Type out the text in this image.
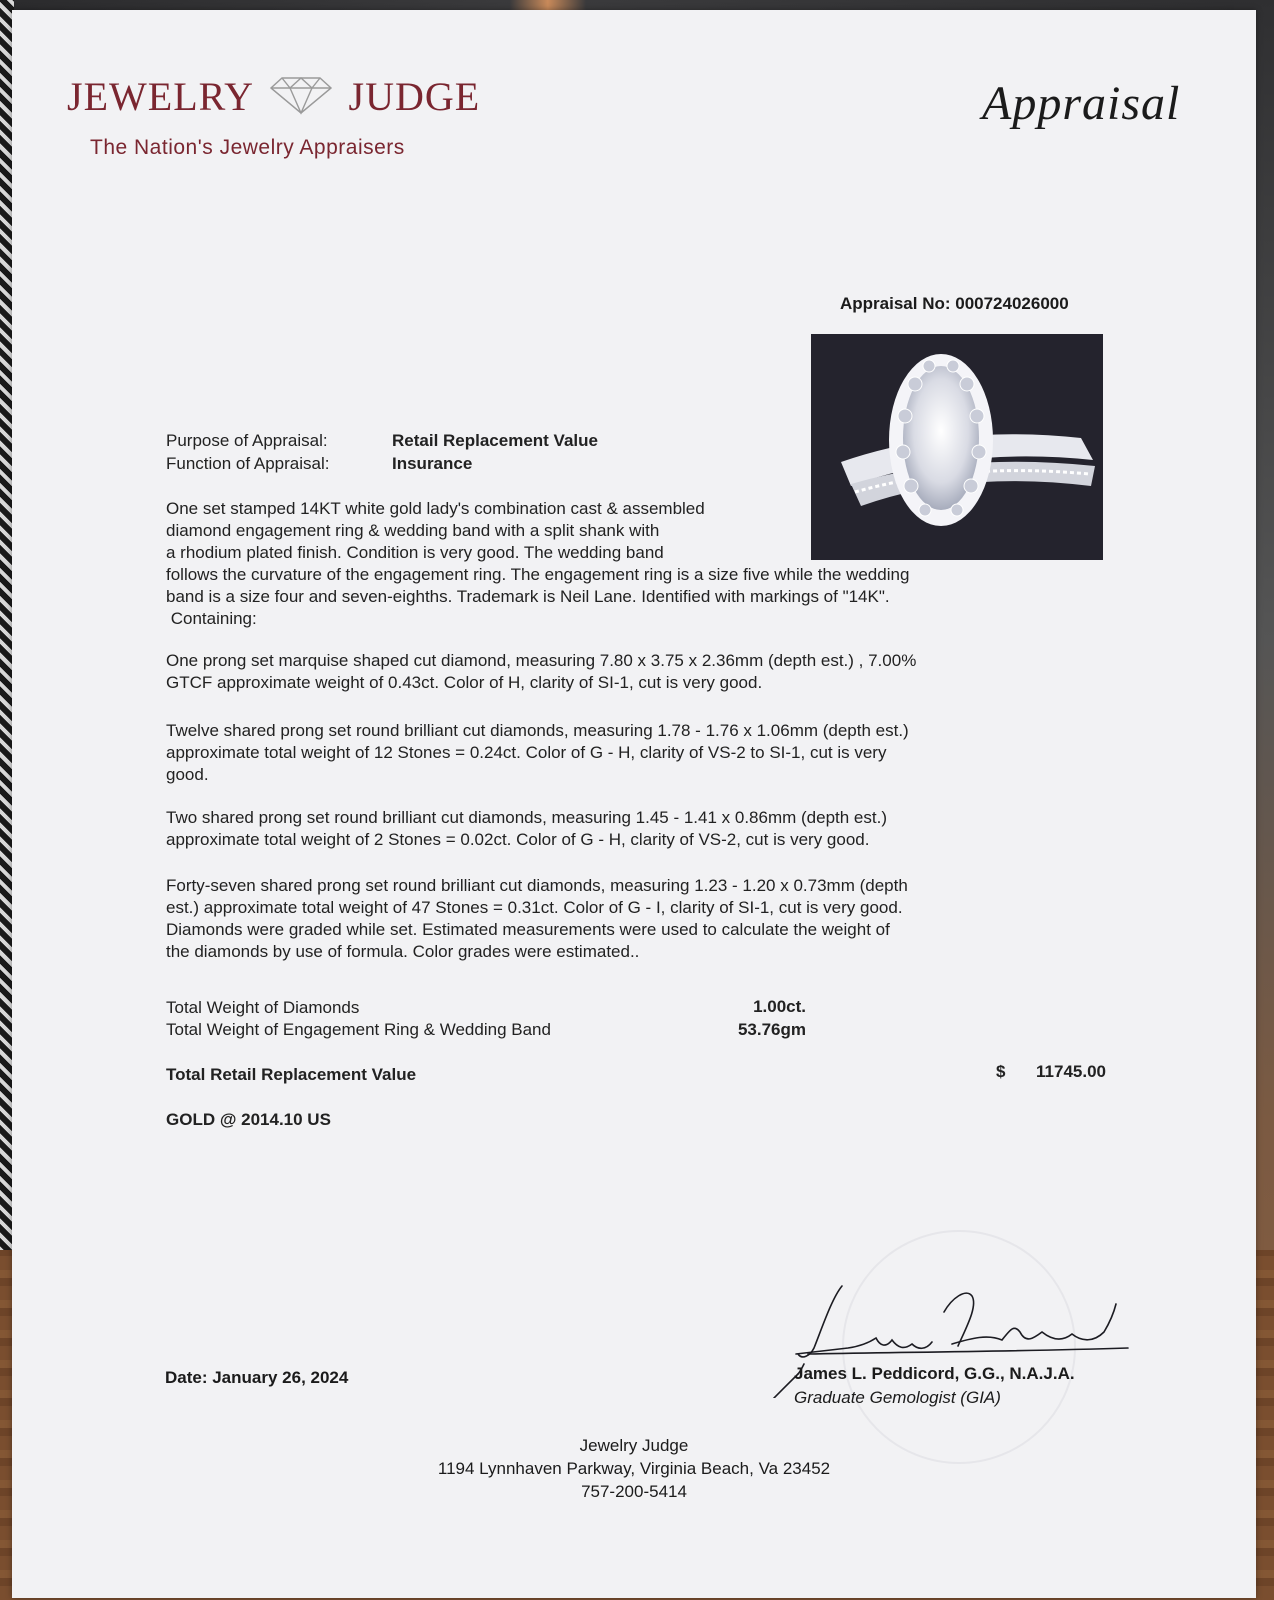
JEWELRY JUDGE
The Nation's Jewelry Appraisers
Appraisal
Appraisal No: 000724026000
Purpose of Appraisal:	Retail Replacement Value
Function of Appraisal:	Insurance
One set stamped 14KT white gold lady's combination cast & assembled
diamond engagement ring & wedding band with a split shank with
a rhodium plated finish. Condition is very good. The wedding band
follows the curvature of the engagement ring. The engagement ring is a size five while the wedding
band is a size four and seven-eighths. Trademark is Neil Lane. Identified with markings of "14K".
Containing:
One prong set marquise shaped cut diamond, measuring 7.80 x 3.75 x 2.36mm (depth est.) , 7.00%
GTCF approximate weight of 0.43ct. Color of H, clarity of SI-1, cut is very good.
Twelve shared prong set round brilliant cut diamonds, measuring 1.78 - 1.76 x 1.06mm (depth est.)
approximate total weight of 12 Stones = 0.24ct. Color of G - H, clarity of VS-2 to SI-1, cut is very
good.
Two shared prong set round brilliant cut diamonds, measuring 1.45 - 1.41 x 0.86mm (depth est.)
approximate total weight of 2 Stones = 0.02ct. Color of G - H, clarity of VS-2, cut is very good.
Forty-seven shared prong set round brilliant cut diamonds, measuring 1.23 - 1.20 x 0.73mm (depth
est.) approximate total weight of 47 Stones = 0.31ct. Color of G - I, clarity of SI-1, cut is very good.
Diamonds were graded while set. Estimated measurements were used to calculate the weight of
the diamonds by use of formula. Color grades were estimated..
Total Weight of Diamonds	1.00ct.
Total Weight of Engagement Ring & Wedding Band	53.76gm
Total Retail Replacement Value	$	11745.00
GOLD @ 2014.10 US
Date: January 26, 2024	James L. Peddicord, G.G., N.A.J.A.
Graduate Gemologist (GIA)
Jewelry Judge
1194 Lynnhaven Parkway, Virginia Beach, Va 23452
757-200-5414
